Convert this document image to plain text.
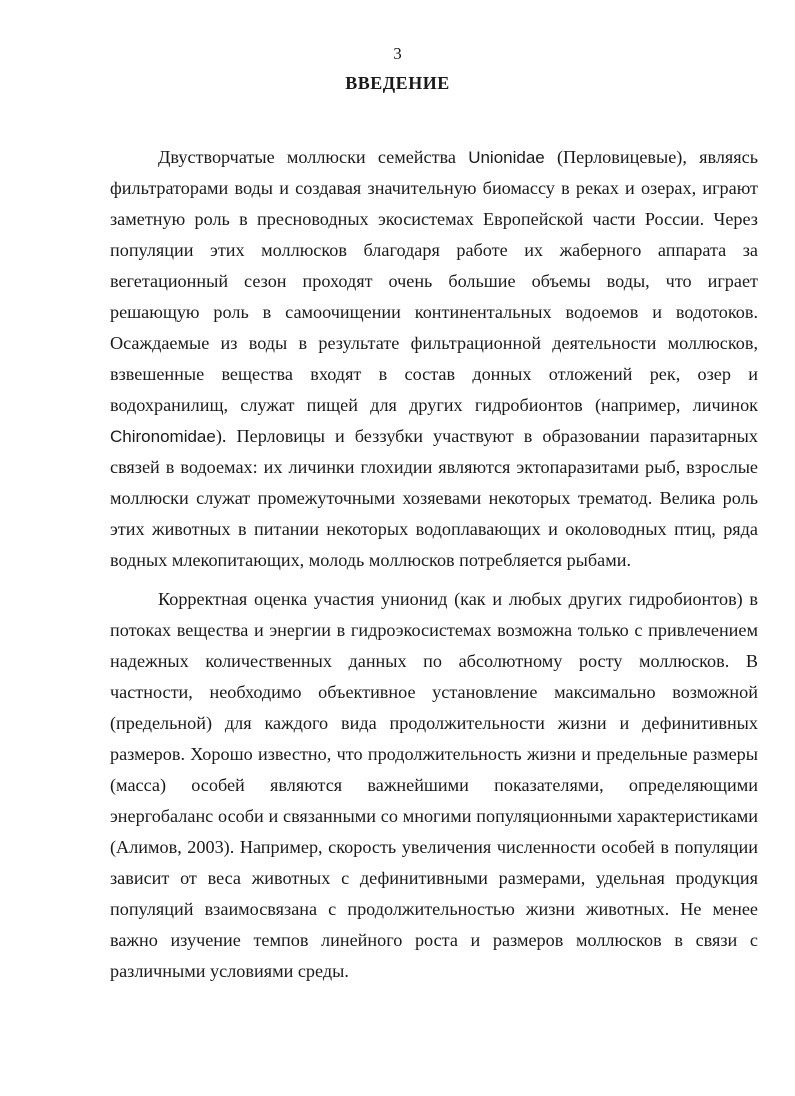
3
ВВЕДЕНИЕ

Двустворчатые моллюски семейства Unionidae (Перловицевые), являясь фильтраторами воды и создавая значительную биомассу в реках и озерах, играют заметную роль в пресноводных экосистемах Европейской части России. Через популяции этих моллюсков благодаря работе их жаберного аппарата за вегетационный сезон проходят очень большие объемы воды, что играет решающую роль в самоочищении континентальных водоемов и водотоков. Осаждаемые из воды в результате фильтрационной деятельности моллюсков, взвешенные вещества входят в состав донных отложений рек, озер и водохранилищ, служат пищей для других гидробионтов (например, личинок Chironomidae). Перловицы и беззубки участвуют в образовании паразитарных связей в водоемах: их личинки глохидии являются эктопаразитами рыб, взрослые моллюски служат промежуточными хозяевами некоторых трематод. Велика роль этих животных в питании некоторых водоплавающих и околоводных птиц, ряда водных млекопитающих, молодь моллюсков потребляется рыбами.

Корректная оценка участия унионид (как и любых других гидробионтов) в потоках вещества и энергии в гидроэкосистемах возможна только с привлечением надежных количественных данных по абсолютному росту моллюсков. В частности, необходимо объективное установление максимально возможной (предельной) для каждого вида продолжительности жизни и дефинитивных размеров. Хорошо известно, что продолжительность жизни и предельные размеры (масса) особей являются важнейшими показателями, определяющими энергобаланс особи и связанными со многими популяционными характеристиками (Алимов, 2003). Например, скорость увеличения численности особей в популяции зависит от веса животных с дефинитивными размерами, удельная продукция популяций взаимосвязана с продолжительностью жизни животных. Не менее важно изучение темпов линейного роста и размеров моллюсков в связи с различными условиями среды.
